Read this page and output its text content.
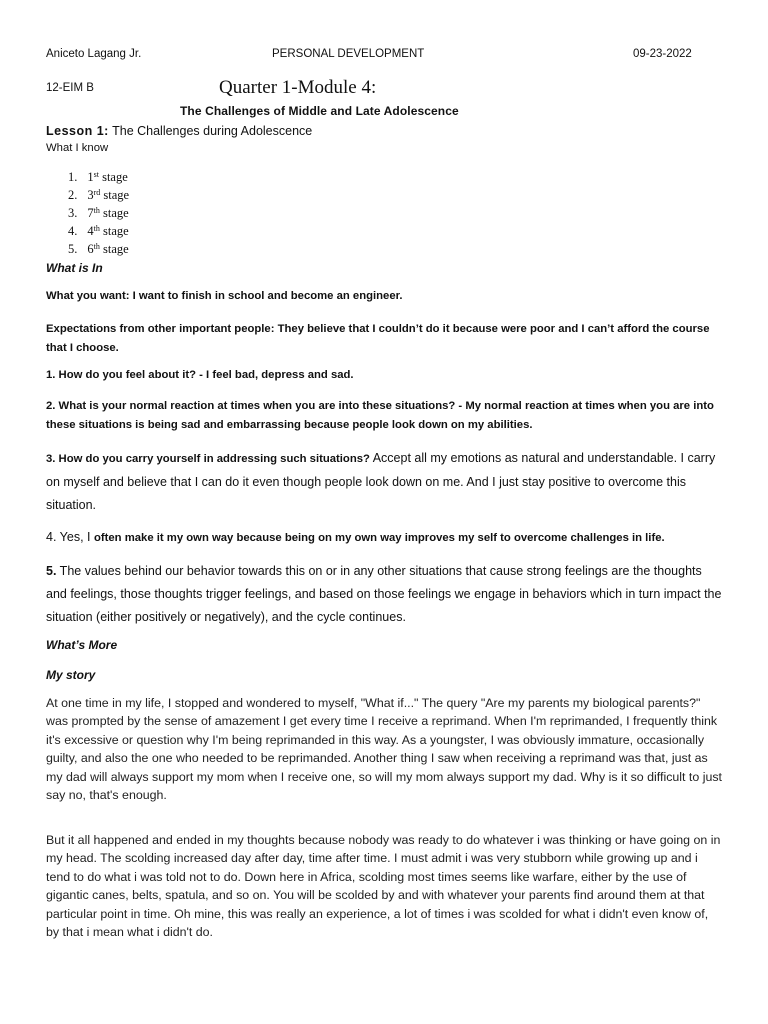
Aniceto Lagang Jr.	PERSONAL DEVELOPMENT	09-23-2022
12-EIM B	Quarter 1-Module 4:
The Challenges of Middle and Late Adolescence
Lesson 1: The Challenges during Adolescence
What I know
1. 1st stage
2. 3rd stage
3. 7th stage
4. 4th stage
5. 6th stage
What is In
What you want: I want to finish in school and become an engineer.
Expectations from other important people: They believe that I couldn’t do it because were poor and I can’t afford the course that I choose.
1. How do you feel about it? - I feel bad, depress and sad.
2. What is your normal reaction at times when you are into these situations? - My normal reaction at times when you are into these situations is being sad and embarrassing because people look down on my abilities.
3. How do you carry yourself in addressing such situations? Accept all my emotions as natural and understandable. I carry on myself and believe that I can do it even though people look down on me. And I just stay positive to overcome this situation.
4. Yes, I often make it my own way because being on my own way improves my self to overcome challenges in life.
5. The values behind our behavior towards this on or in any other situations that cause strong feelings are the thoughts and feelings, those thoughts trigger feelings, and based on those feelings we engage in behaviors which in turn impact the situation (either positively or negatively), and the cycle continues.
What’s More
My story
At one time in my life, I stopped and wondered to myself, "What if..." The query "Are my parents my biological parents?" was prompted by the sense of amazement I get every time I receive a reprimand. When I'm reprimanded, I frequently think it's excessive or question why I'm being reprimanded in this way. As a youngster, I was obviously immature, occasionally guilty, and also the one who needed to be reprimanded. Another thing I saw when receiving a reprimand was that, just as my dad will always support my mom when I receive one, so will my mom always support my dad. Why is it so difficult to just say no, that's enough.
But it all happened and ended in my thoughts because nobody was ready to do whatever i was thinking or have going on in my head. The scolding increased day after day, time after time. I must admit i was very stubborn while growing up and i tend to do what i was told not to do. Down here in Africa, scolding most times seems like warfare, either by the use of gigantic canes, belts, spatula, and so on. You will be scolded by and with whatever your parents find around them at that particular point in time. Oh mine, this was really an experience, a lot of times i was scolded for what i didn't even know of, by that i mean what i didn't do.
